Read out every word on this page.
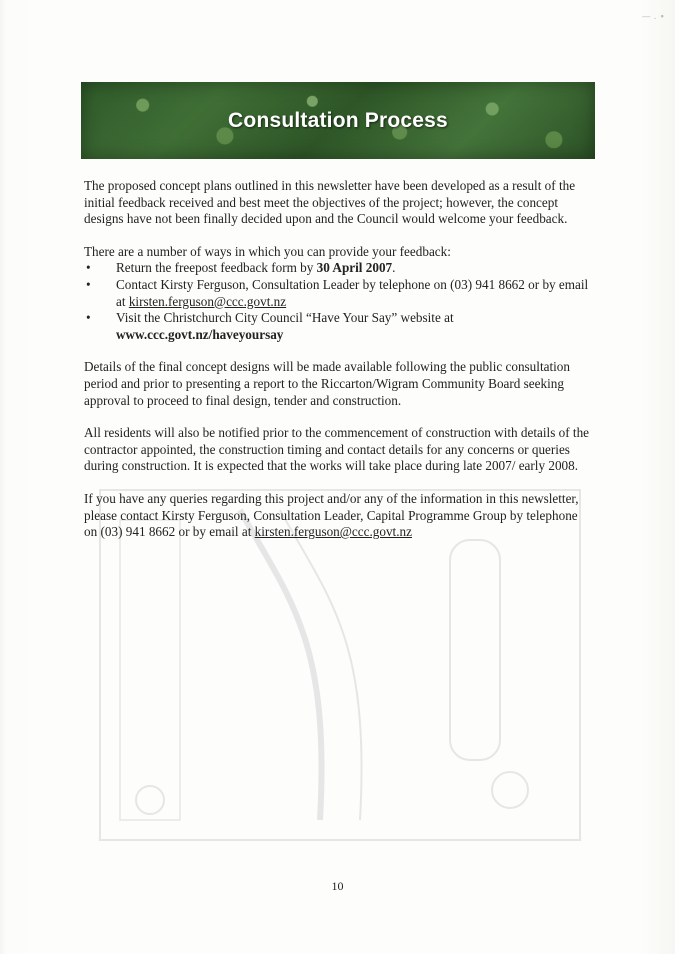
— . ∙
Consultation Process

The proposed concept plans outlined in this newsletter have been developed as a result of the initial feedback received and best meet the objectives of the project; however, the concept designs have not been finally decided upon and the Council would welcome your feedback.

There are a number of ways in which you can provide your feedback:

• Return the freepost feedback form by 30 April 2007.
• Contact Kirsty Ferguson, Consultation Leader by telephone on (03) 941 8662 or by email at kirsten.ferguson@ccc.govt.nz
• Visit the Christchurch City Council “Have Your Say” website at
www.ccc.govt.nz/haveyoursay

Details of the final concept designs will be made available following the public consultation period and prior to presenting a report to the Riccarton/Wigram Community Board seeking approval to proceed to final design, tender and construction.

All residents will also be notified prior to the commencement of construction with details of the contractor appointed, the construction timing and contact details for any concerns or queries during construction. It is expected that the works will take place during late 2007/ early 2008.

If you have any queries regarding this project and/or any of the information in this newsletter, please contact Kirsty Ferguson, Consultation Leader, Capital Programme Group by telephone on (03) 941 8662 or by email at kirsten.ferguson@ccc.govt.nz

10
